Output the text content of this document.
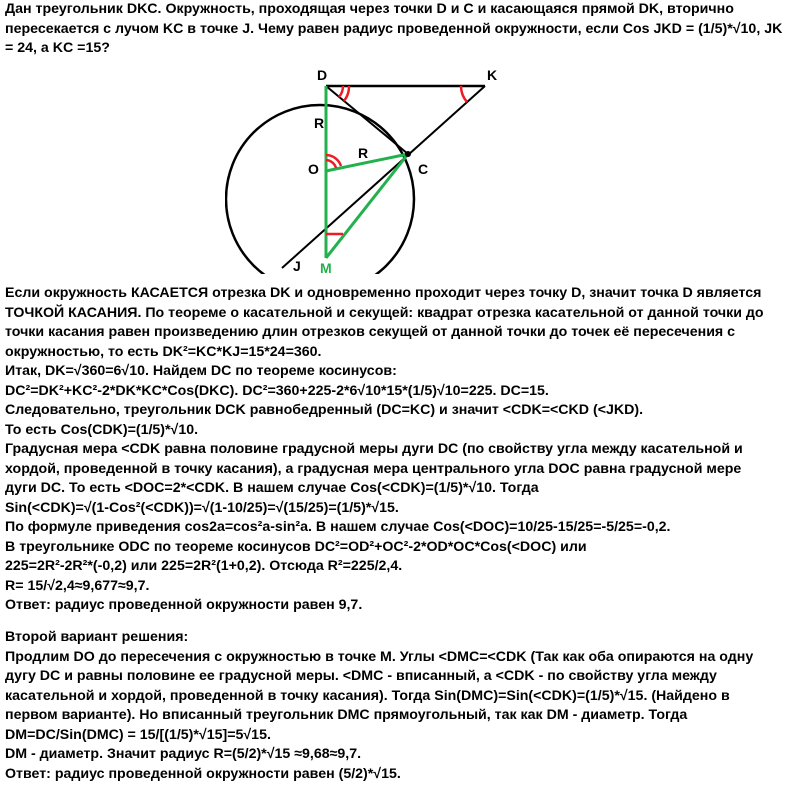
Дан треугольник DKC. Окружность, проходящая через точки D и C и касающаяся прямой DK, вторично
пересекается с лучом KC в точке J. Чему равен радиус проведенной окружности, если Cos JKD = (1/5)*√10, JK
= 24, а KC =15?
D	K
R
R
O	C
J M
Если окружность КАСАЕТСЯ отрезка DK и одновременно проходит через точку D, значит точка D является
ТОЧКОЙ КАСАНИЯ. По теореме о касательной и секущей: квадрат отрезка касательной от данной точки до
точки касания равен произведению длин отрезков секущей от данной точки до точек её пересечения с
окружностью, то есть DK²=KC*KJ=15*24=360.
Итак, DK=√360=6√10. Найдем DC по теореме косинусов:
DC²=DK²+KC²-2*DK*KC*Cos(DKC). DC²=360+225-2*6√10*15*(1/5)√10=225. DC=15.
Следовательно, треугольник DCK равнобедренный (DC=KC) и значит <CDK=<CKD (<JKD).
То есть Cos(CDK)=(1/5)*√10.
Градусная мера <CDK равна половине градусной меры дуги DC (по свойству угла между касательной и
хордой, проведенной в точку касания), а градусная мера центрального угла DOC равна градусной мере
дуги DC. То есть <DOC=2*<CDK. В нашем случае Cos(<CDK)=(1/5)*√10. Тогда
Sin(<CDK)=√(1-Cos²(<CDK))=√(1-10/25)=√(15/25)=(1/5)*√15.
По формуле приведения cos2a=cos²a-sin²a. В нашем случае Cos(<DOC)=10/25-15/25=-5/25=-0,2.
В треугольнике ODC по теореме косинусов DC²=OD²+OC²-2*OD*OC*Cos(<DOC) или
225=2R²-2R²*(-0,2) или 225=2R²(1+0,2). Отсюда R²=225/2,4.
R= 15/√2,4≈9,677≈9,7.
Ответ: радиус проведенной окружности равен 9,7.
Второй вариант решения:
Продлим DO до пересечения с окружностью в точке M. Углы <DMC=<CDK (Так как оба опираются на одну
дугу DC и равны половине ее градусной меры. <DMC - вписанный, а <CDK - по свойству угла между
касательной и хордой, проведенной в точку касания). Тогда Sin(DMC)=Sin(<CDK)=(1/5)*√15. (Найдено в
первом варианте). Но вписанный треугольник DMC прямоугольный, так как DM - диаметр. Тогда
DM=DC/Sin(DMC) = 15/[(1/5)*√15]=5√15.
DM - диаметр. Значит радиус R=(5/2)*√15 ≈9,68≈9,7.
Ответ: радиус проведенной окружности равен (5/2)*√15.
